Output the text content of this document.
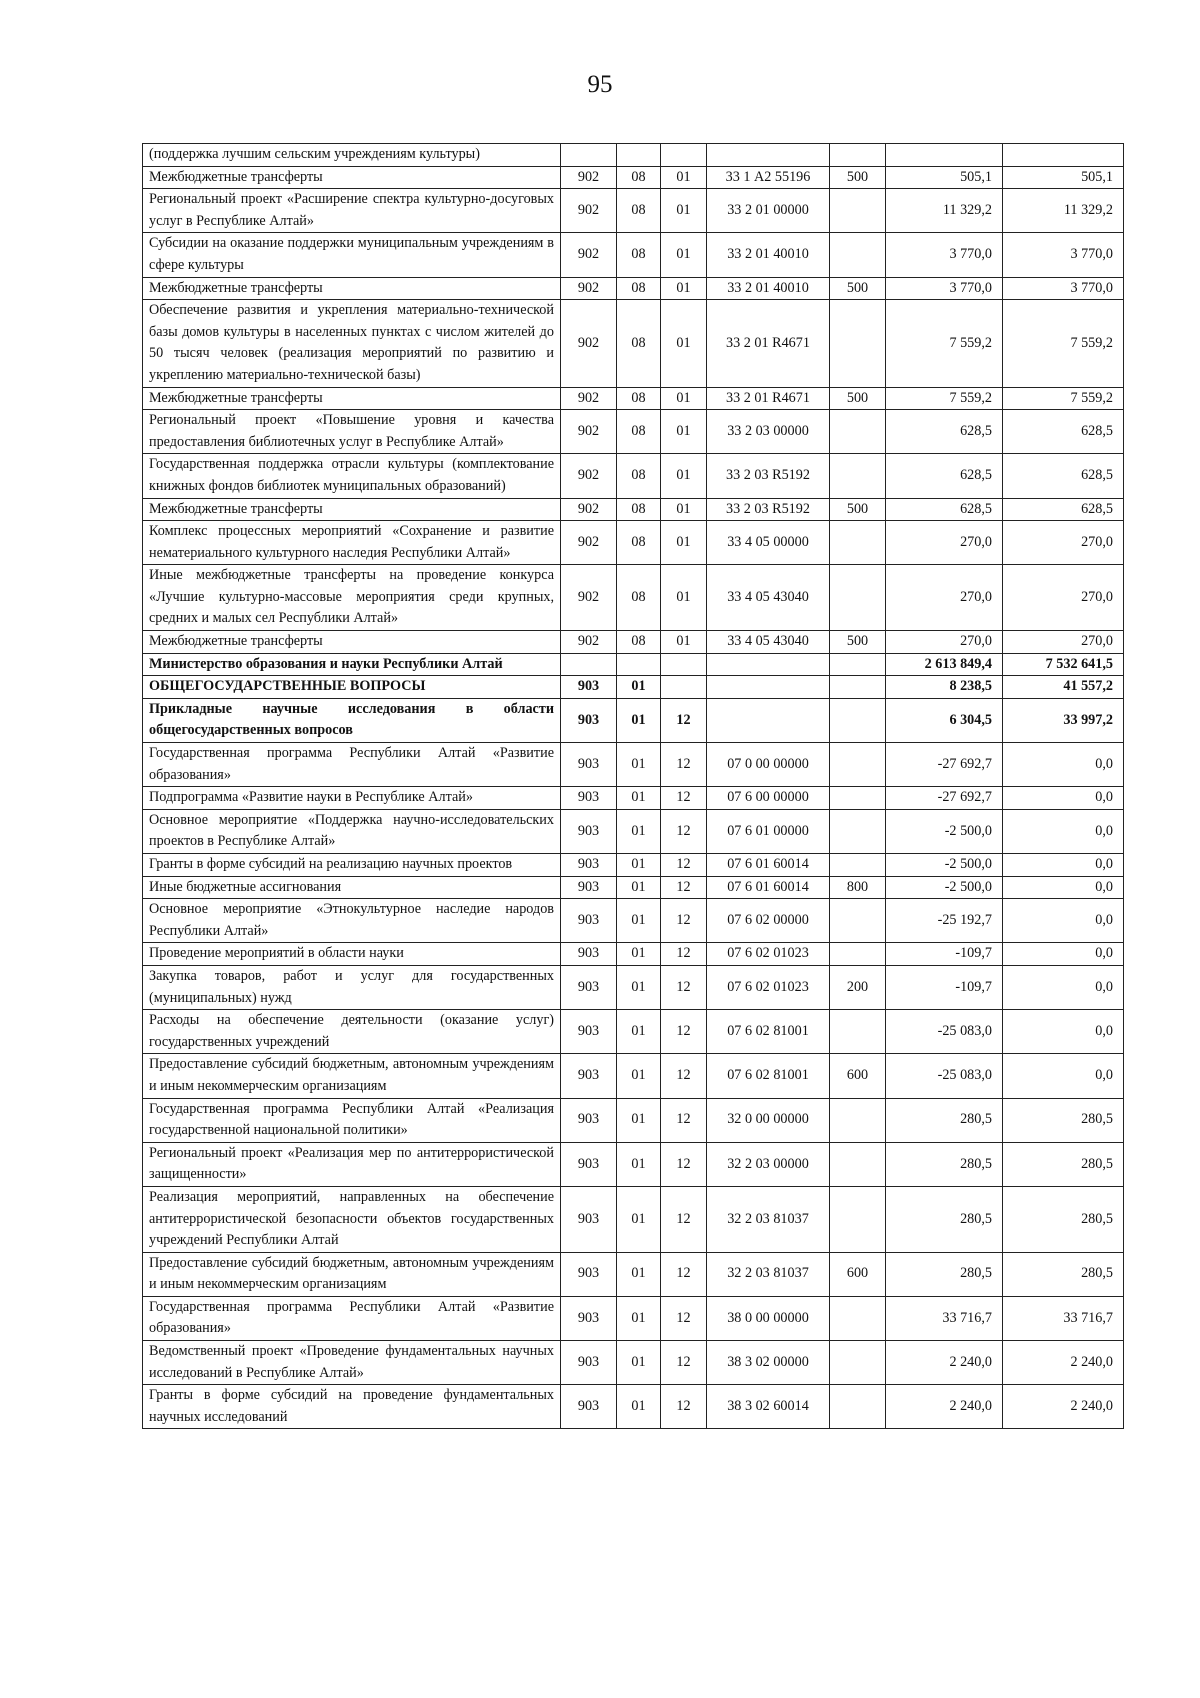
95
(поддержка лучшим сельским учреждениям культуры)							
Межбюджетные трансферты	902	08	01	33 1 А2 55196	500	505,1	505,1
Региональный проект «Расширение спектра культурно-досуговых услуг в Республике Алтай»	902	08	01	33 2 01 00000		11 329,2	11 329,2
Субсидии на оказание поддержки муниципальным учреждениям в сфере культуры	902	08	01	33 2 01 40010		3 770,0	3 770,0
Межбюджетные трансферты	902	08	01	33 2 01 40010	500	3 770,0	3 770,0
Обеспечение развития и укрепления материально-технической базы домов культуры в населенных пунктах с числом жителей до 50 тысяч человек (реализация мероприятий по развитию и укреплению материально-технической базы)	902	08	01	33 2 01 R4671		7 559,2	7 559,2
Межбюджетные трансферты	902	08	01	33 2 01 R4671	500	7 559,2	7 559,2
Региональный проект «Повышение уровня и качества предоставления библиотечных услуг в Республике Алтай»	902	08	01	33 2 03 00000		628,5	628,5
Государственная поддержка отрасли культуры (комплектование книжных фондов библиотек муниципальных образований)	902	08	01	33 2 03 R5192		628,5	628,5
Межбюджетные трансферты	902	08	01	33 2 03 R5192	500	628,5	628,5
Комплекс процессных мероприятий «Сохранение и развитие нематериального культурного наследия Республики Алтай»	902	08	01	33 4 05 00000		270,0	270,0
Иные межбюджетные трансферты на проведение конкурса «Лучшие культурно-массовые мероприятия среди крупных, средних и малых сел Республики Алтай»	902	08	01	33 4 05 43040		270,0	270,0
Межбюджетные трансферты	902	08	01	33 4 05 43040	500	270,0	270,0
Министерство образования и науки Республики Алтай						2 613 849,4	7 532 641,5
ОБЩЕГОСУДАРСТВЕННЫЕ ВОПРОСЫ	903	01				8 238,5	41 557,2
Прикладные научные исследования в области общегосударственных вопросов	903	01	12			6 304,5	33 997,2
Государственная программа Республики Алтай «Развитие образования»	903	01	12	07 0 00 00000		-27 692,7	0,0
Подпрограмма «Развитие науки в Республике Алтай»	903	01	12	07 6 00 00000		-27 692,7	0,0
Основное мероприятие «Поддержка научно-исследовательских проектов в Республике Алтай»	903	01	12	07 6 01 00000		-2 500,0	0,0
Гранты в форме субсидий на реализацию научных проектов	903	01	12	07 6 01 60014		-2 500,0	0,0
Иные бюджетные ассигнования	903	01	12	07 6 01 60014	800	-2 500,0	0,0
Основное мероприятие «Этнокультурное наследие народов Республики Алтай»	903	01	12	07 6 02 00000		-25 192,7	0,0
Проведение мероприятий в области науки	903	01	12	07 6 02 01023		-109,7	0,0
Закупка товаров, работ и услуг для государственных (муниципальных) нужд	903	01	12	07 6 02 01023	200	-109,7	0,0
Расходы на обеспечение деятельности (оказание услуг) государственных учреждений	903	01	12	07 6 02 81001		-25 083,0	0,0
Предоставление субсидий бюджетным, автономным учреждениям и иным некоммерческим организациям	903	01	12	07 6 02 81001	600	-25 083,0	0,0
Государственная программа Республики Алтай «Реализация государственной национальной политики»	903	01	12	32 0 00 00000		280,5	280,5
Региональный проект «Реализация мер по антитеррористической защищенности»	903	01	12	32 2 03 00000		280,5	280,5
Реализация мероприятий, направленных на обеспечение антитеррористической безопасности объектов государственных учреждений Республики Алтай	903	01	12	32 2 03 81037		280,5	280,5
Предоставление субсидий бюджетным, автономным учреждениям и иным некоммерческим организациям	903	01	12	32 2 03 81037	600	280,5	280,5
Государственная программа Республики Алтай «Развитие образования»	903	01	12	38 0 00 00000		33 716,7	33 716,7
Ведомственный проект «Проведение фундаментальных научных исследований в Республике Алтай»	903	01	12	38 3 02 00000		2 240,0	2 240,0
Гранты в форме субсидий на проведение фундаментальных научных исследований	903	01	12	38 3 02 60014		2 240,0	2 240,0
